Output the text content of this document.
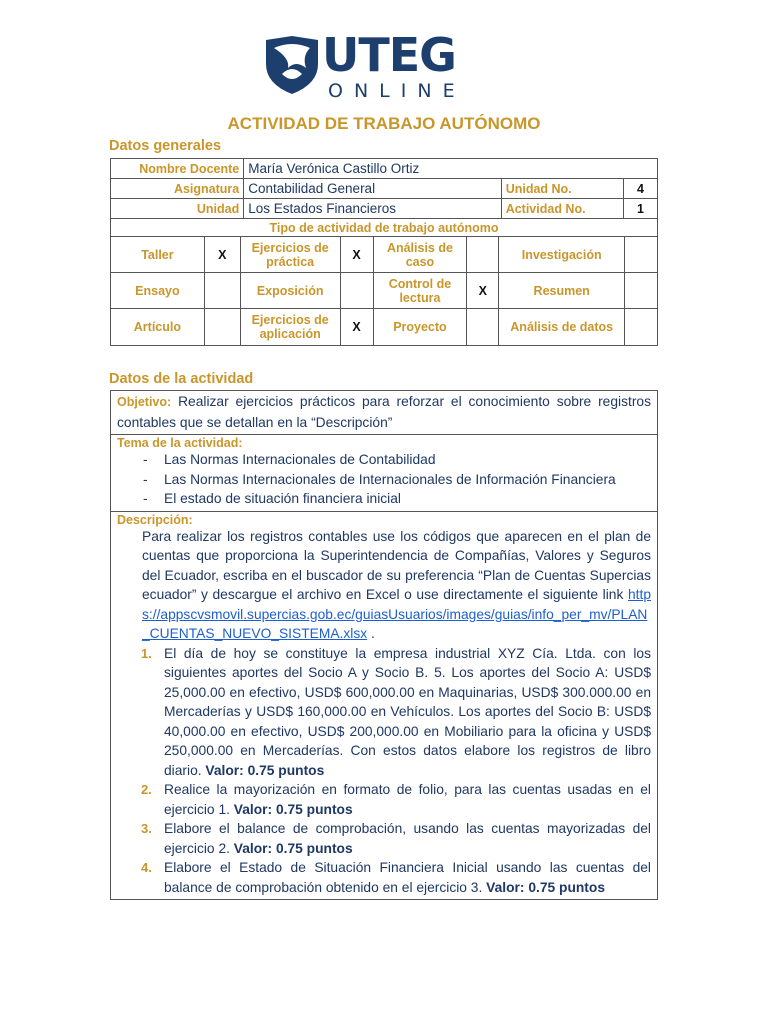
UTEG
ONLINE
ACTIVIDAD DE TRABAJO AUTÓNOMO
Datos generales
Nombre Docente	María Verónica Castillo Ortiz		
Asignatura	Contabilidad General	Unidad No.	4
Unidad	Los Estados Financieros	Actividad No.	1
Tipo de actividad de trabajo autónomo							
Taller	X	Ejercicios de práctica	X	Análisis de caso		Investigación	
Ensayo		Exposición		Control de lectura	X	Resumen	
Artículo		Ejercicios de aplicación	X	Proyecto		Análisis de datos	
Datos de la actividad
Objetivo: Realizar ejercicios prácticos para reforzar el conocimiento sobre registros contables que se detallan en la “Descripción”
Tema de la actividad:
- Las Normas Internacionales de Contabilidad
- Las Normas Internacionales de Internacionales de Información Financiera
- El estado de situación financiera inicial
Descripción:
Para realizar los registros contables use los códigos que aparecen en el plan de cuentas que proporciona la Superintendencia de Compañías, Valores y Seguros del Ecuador, escriba en el buscador de su preferencia “Plan de Cuentas Supercias ecuador” y descargue el archivo en Excel o use directamente el siguiente link https://appscvsmovil.supercias.gob.ec/guiasUsuarios/images/guias/info_per_mv/PLAN_CUENTAS_NUEVO_SISTEMA.xlsx .
1. El día de hoy se constituye la empresa industrial XYZ Cía. Ltda. con los siguientes aportes del Socio A y Socio B. 5. Los aportes del Socio A: USD$ 25,000.00 en efectivo, USD$ 600,000.00 en Maquinarias, USD$ 300.000.00 en Mercaderías y USD$ 160,000.00 en Vehículos. Los aportes del Socio B: USD$ 40,000.00 en efectivo, USD$ 200,000.00 en Mobiliario para la oficina y USD$ 250,000.00 en Mercaderías. Con estos datos elabore los registros de libro diario. Valor: 0.75 puntos
2. Realice la mayorización en formato de folio, para las cuentas usadas en el ejercicio 1. Valor: 0.75 puntos
3. Elabore el balance de comprobación, usando las cuentas mayorizadas del ejercicio 2. Valor: 0.75 puntos
4. Elabore el Estado de Situación Financiera Inicial usando las cuentas del balance de comprobación obtenido en el ejercicio 3. Valor: 0.75 puntos
